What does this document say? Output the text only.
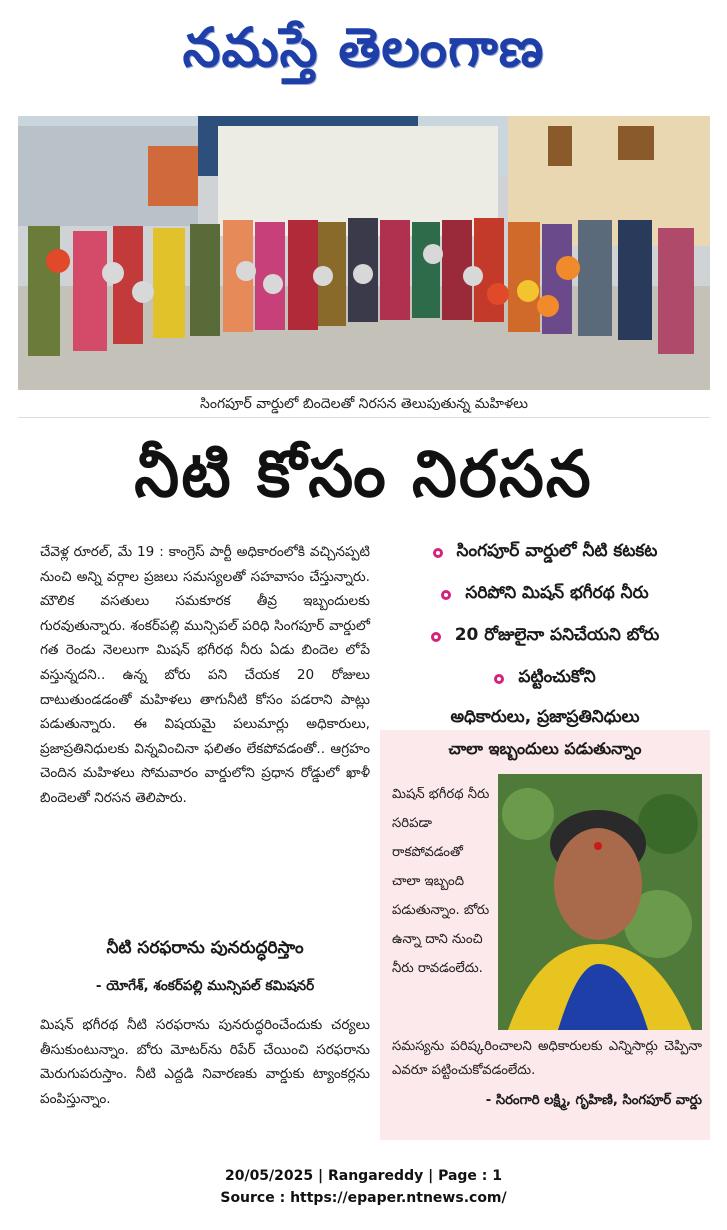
నమస్తే తెలంగాణ
సింగపూర్ వార్డులో బిందెలతో నిరసన తెలుపుతున్న మహిళలు
నీటి కోసం నిరసన

చేవెళ్ల రూరల్, మే 19 : కాంగ్రెస్ పార్టీ అధికారంలోకి వచ్చినప్పటి నుంచి అన్ని వర్గాల ప్రజలు సమస్యలతో సహవాసం చేస్తున్నారు. మౌలిక వసతులు సమకూరక తీవ్ర ఇబ్బందులకు గురవుతున్నారు. శంకర్‌పల్లి మున్సిపల్ పరిధి సింగపూర్ వార్డులో గత రెండు నెలలుగా మిషన్ భగీరథ నీరు ఏడు బిందెల లోపే వస్తున్నదని.. ఉన్న బోరు పని చేయక 20 రోజులు దాటుతుండడంతో మహిళలు తాగునీటి కోసం పడరాని పాట్లు పడుతున్నారు. ఈ విషయమై పలుమార్లు అధికారులు, ప్రజాప్రతినిధులకు విన్నవించినా ఫలితం లేకపోవడంతో.. ఆగ్రహం చెందిన మహిళలు సోమవారం వార్డులోని ప్రధాన రోడ్డులో ఖాళీ బిందెలతో నిరసన తెలిపారు.

నీటి సరఫరాను పునరుద్ధరిస్తాం
- యోగేశ్, శంకర్‌పల్లి మున్సిపల్ కమిషనర్

మిషన్ భగీరథ నీటి సరఫరాను పునరుద్ధరించేందుకు చర్యలు తీసుకుంటున్నాం. బోరు మోటర్‌ను రిపేర్ చేయించి సరఫరాను మెరుగుపరుస్తాం. నీటి ఎద్దడి నివారణకు వార్డుకు ట్యాంకర్లను పంపిస్తున్నాం.

సింగపూర్ వార్డులో నీటి కటకట
సరిపోని మిషన్ భగీరథ నీరు
20 రోజులైనా పనిచేయని బోరు
పట్టించుకోని
అధికారులు, ప్రజాప్రతినిధులు
చాలా ఇబ్బందులు పడుతున్నాం
మిషన్ భగీరథ నీరు సరిపడా రాకపోవడంతో చాలా ఇబ్బంది పడుతున్నాం. బోరు ఉన్నా దాని నుంచి నీరు రావడంలేదు.
సమస్యను పరిష్కరించాలని అధికారులకు ఎన్నిసార్లు చెప్పినా ఎవరూ పట్టించుకోవడంలేదు.
- సిరంగారి లక్ష్మి, గృహిణి, సింగపూర్ వార్డు
20/05/2025 | Rangareddy | Page : 1
Source : https://epaper.ntnews.com/
